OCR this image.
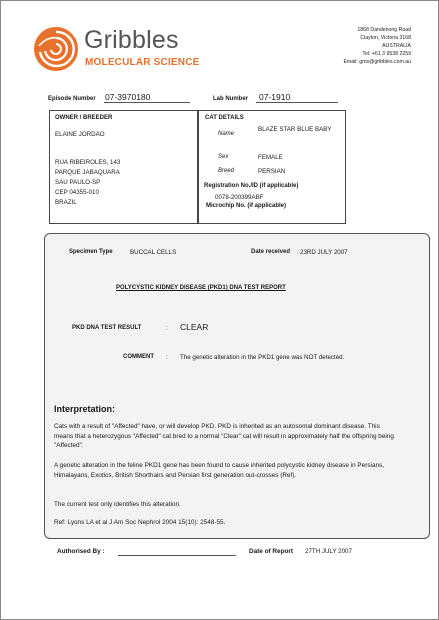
Gribbles
MOLECULAR SCIENCE
1868 Dandenong Road
Clayton, Victoria 3168
AUSTRALIA
Tel: +61 3 9538 2259
Email: gms@gribbles.com.au
Episode Number 07-3970180	Lab Number 07-1910
OWNER / BREEDER
ELAINE JORDAO
RUA RIBEIROLES, 143
PARQUE JABAQUARA
SAU PAULO-SP
CEP 04355-010
BRAZIL
CAT DETAILS
Name
BLAZE STAR BLUE BABY
Sex	FEMALE
Breed	PERSIAN
Registration No./ID (if applicable)
0078-200399ABF
Microchip No. (if applicable)
Specimen Type	BUCCAL CELLS	Date received 23RD JULY 2007
POLYCYSTIC KIDNEY DISEASE (PKD1) DNA TEST REPORT
PKD DNA TEST RESULT	: CLEAR
COMMENT : The genetic alteration in the PKD1 gene was NOT detected.
Interpretation:
Cats with a result of "Affected" have, or will develop PKD. PKD is inherited as an autosomal dominant disease. This means that a heterozygous "Affected" cat bred to a normal "Clear" cat will result in approximately half the offspring being "Affected".
A genetic alteration in the feline PKD1 gene has been found to cause inherited polycystic kidney disease in Persians, Himalayans, Exotics, British Shorthairs and Persian first generation out-crosses (Ref).
The current test only identifies this alteration.
Ref: Lyons LA et al J Am Soc Nephrol 2004 15(10): 2548-55.
Authorised By :	Date of Report 27TH JULY 2007
